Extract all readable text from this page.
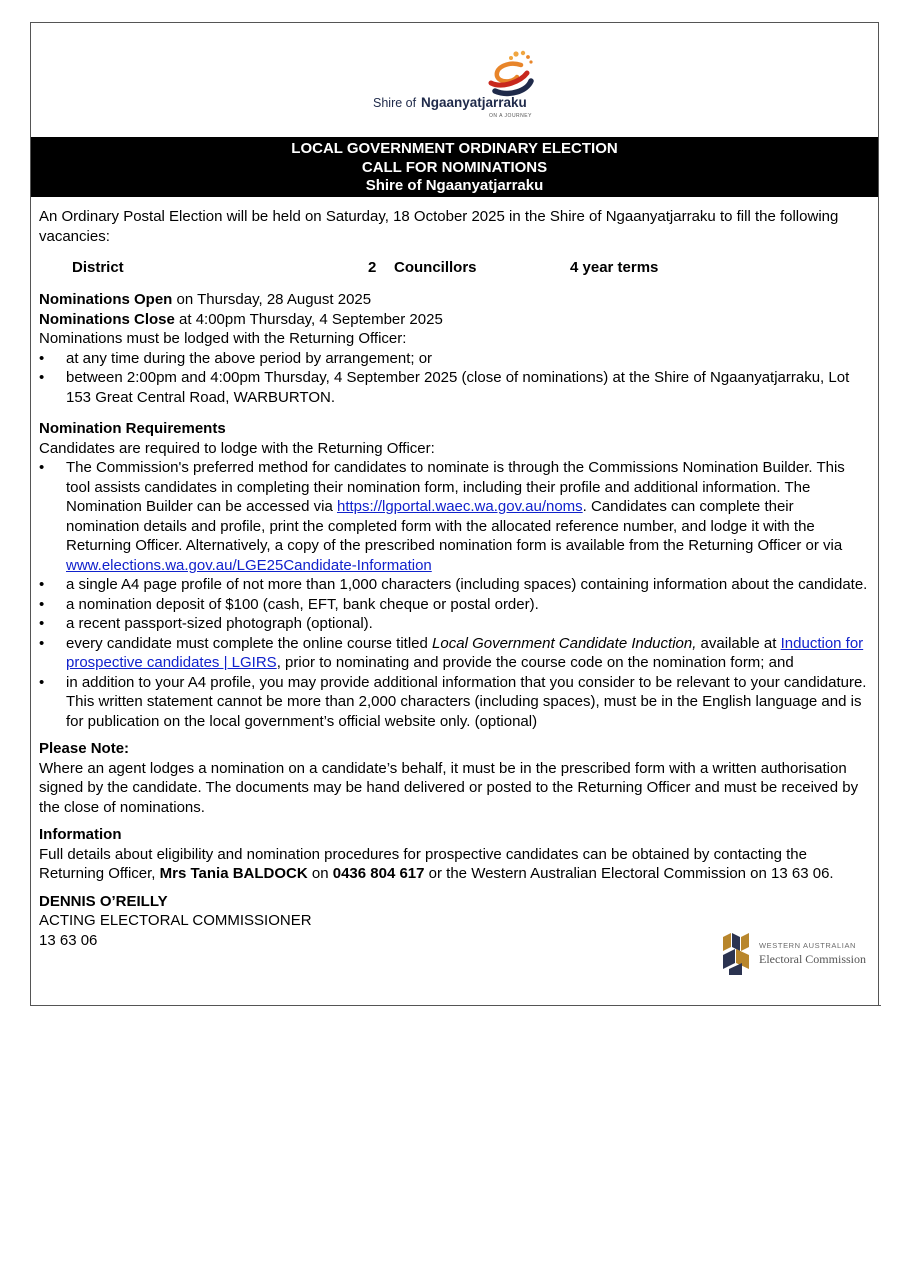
Shire of Ngaanyatjarraku
ON A JOURNEY
LOCAL GOVERNMENT ORDINARY ELECTION
CALL FOR NOMINATIONS
Shire of Ngaanyatjarraku

An Ordinary Postal Election will be held on Saturday, 18 October 2025 in the Shire of Ngaanyatjarraku to fill the following vacancies:

District	2 Councillors	4 year terms

Nominations Open on Thursday, 28 August 2025

Nominations Close at 4:00pm Thursday, 4 September 2025

Nominations must be lodged with the Returning Officer:

• at any time during the above period by arrangement; or
• between 2:00pm and 4:00pm Thursday, 4 September 2025 (close of nominations) at the Shire of Ngaanyatjarraku, Lot 153 Great Central Road, WARBURTON.

Nomination Requirements

Candidates are required to lodge with the Returning Officer:

• The Commission's preferred method for candidates to nominate is through the Commissions Nomination Builder. This tool assists candidates in completing their nomination form, including their profile and additional information. The Nomination Builder can be accessed via https://lgportal.waec.wa.gov.au/noms. Candidates can complete their nomination details and profile, print the completed form with the allocated reference number, and lodge it with the Returning Officer. Alternatively, a copy of the prescribed nomination form is available from the Returning Officer or via www.elections.wa.gov.au/LGE25Candidate-Information
• a single A4 page profile of not more than 1,000 characters (including spaces) containing information about the candidate.
• a nomination deposit of $100 (cash, EFT, bank cheque or postal order).
• a recent passport-sized photograph (optional).
• every candidate must complete the online course titled Local Government Candidate Induction, available at Induction for prospective candidates | LGIRS, prior to nominating and provide the course code on the nomination form; and
• in addition to your A4 profile, you may provide additional information that you consider to be relevant to your candidature. This written statement cannot be more than 2,000 characters (including spaces), must be in the English language and is for publication on the local government’s official website only. (optional)

Please Note:

Where an agent lodges a nomination on a candidate’s behalf, it must be in the prescribed form with a written authorisation signed by the candidate. The documents may be hand delivered or posted to the Returning Officer and must be received by the close of nominations.

Information

Full details about eligibility and nomination procedures for prospective candidates can be obtained by contacting the Returning Officer, Mrs Tania BALDOCK on 0436 804 617 or the Western Australian Electoral Commission on 13 63 06.

DENNIS O’REILLY

ACTING ELECTORAL COMMISSIONER

13 63 06	WESTERN AUSTRALIAN
Electoral Commission
